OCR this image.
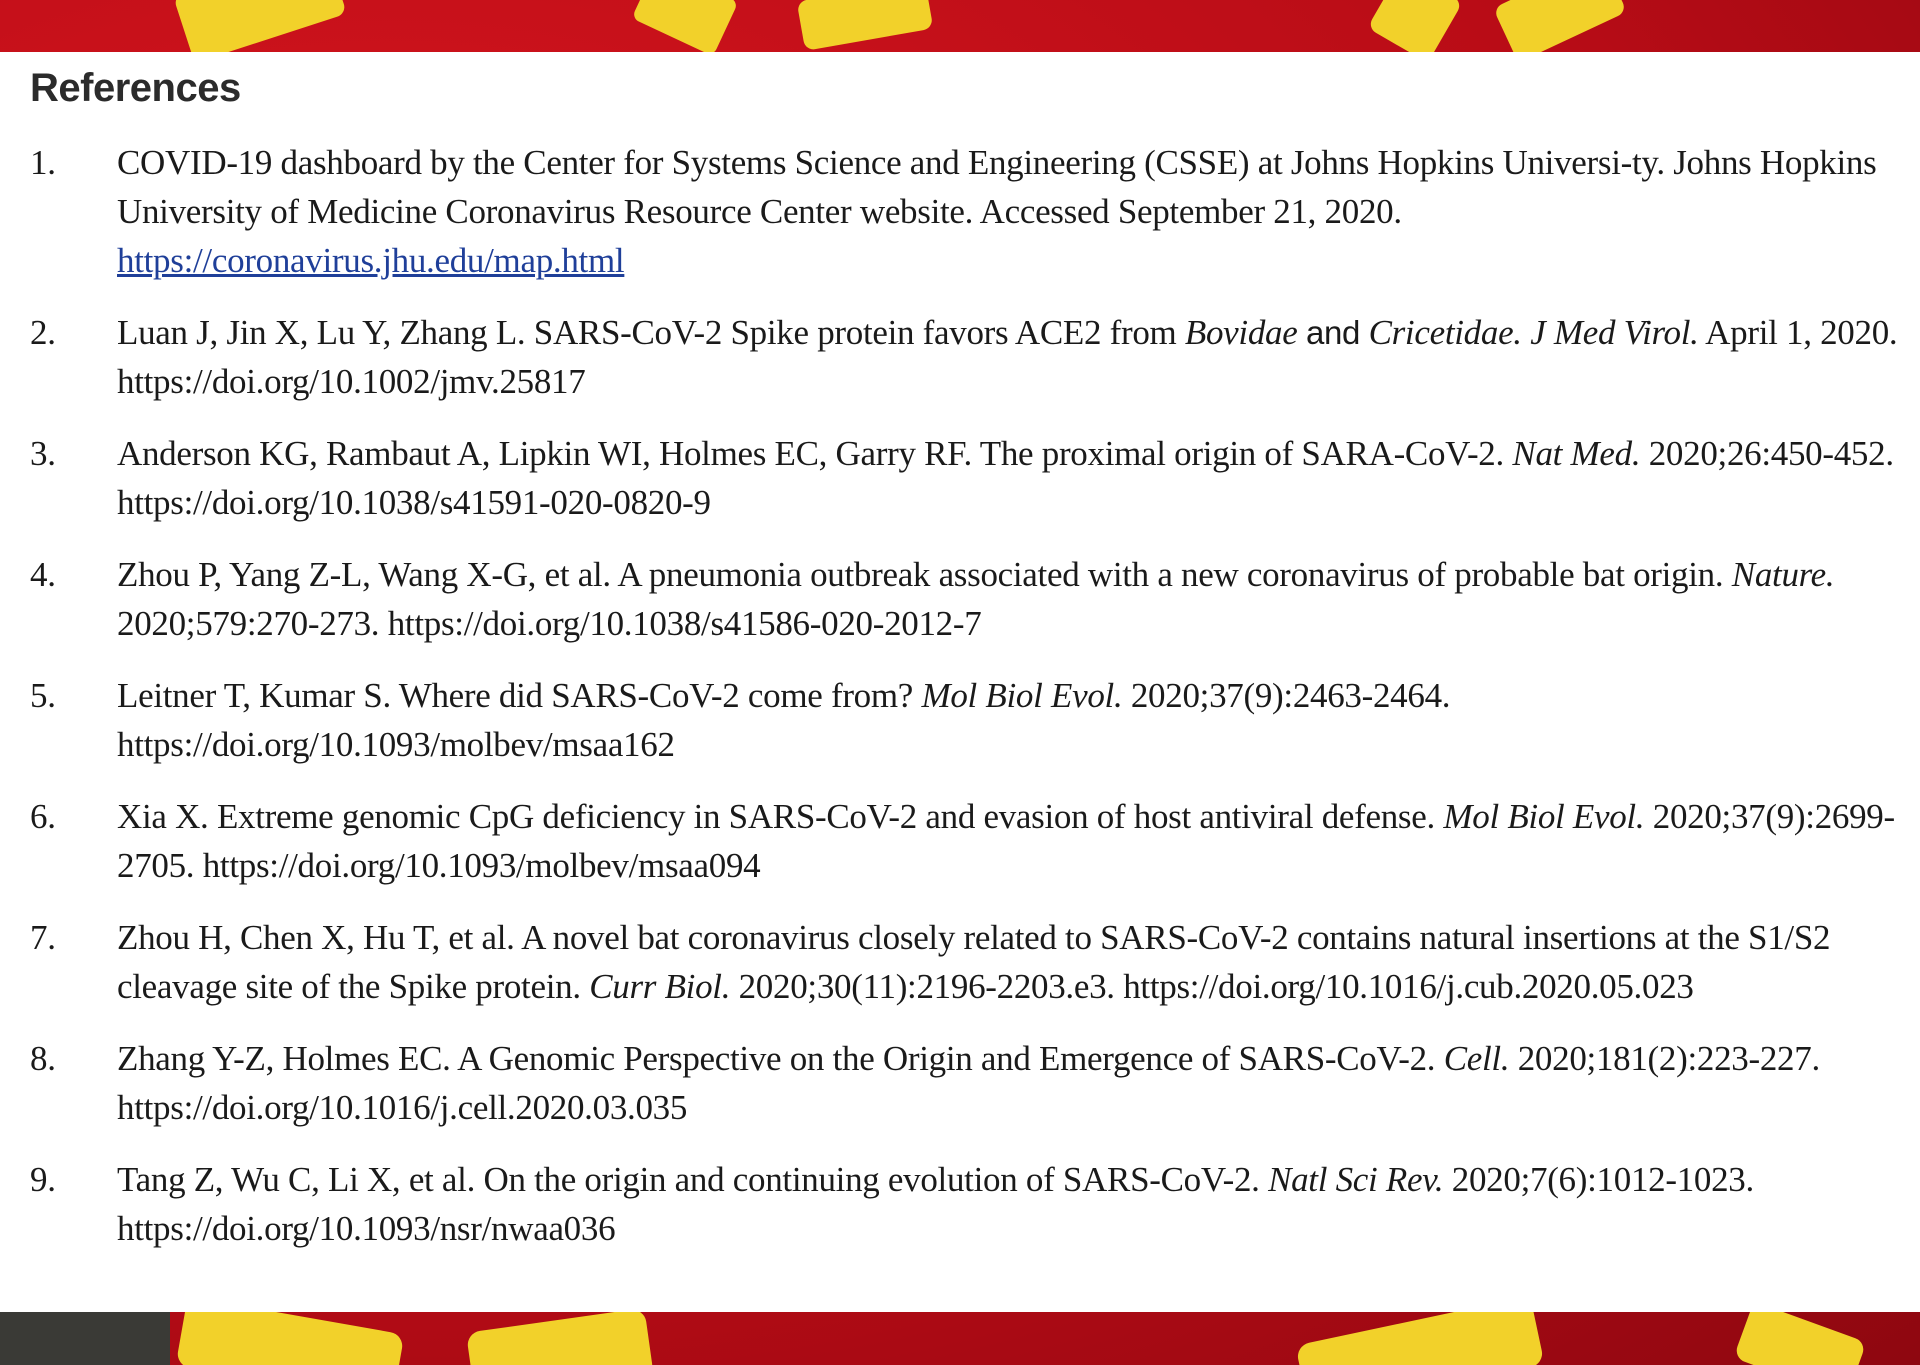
References
1. COVID-19 dashboard by the Center for Systems Science and Engineering (CSSE) at Johns Hopkins Universi-ty. Johns Hopkins University of Medicine Coronavirus Resource Center website. Accessed September 21, 2020.
https://coronavirus.jhu.edu/map.html
2. Luan J, Jin X, Lu Y, Zhang L. SARS-CoV-2 Spike protein favors ACE2 from Bovidae and Cricetidae. J Med Virol. April 1, 2020. https://doi.org/10.1002/jmv.25817
3. Anderson KG, Rambaut A, Lipkin WI, Holmes EC, Garry RF. The proximal origin of SARA-CoV-2. Nat Med. 2020;26:450-452. https://doi.org/10.1038/s41591-020-0820-9
4. Zhou P, Yang Z-L, Wang X-G, et al. A pneumonia outbreak associated with a new coronavirus of probable bat origin. Nature. 2020;579:270-273. https://doi.org/10.1038/s41586-020-2012-7
5. Leitner T, Kumar S. Where did SARS-CoV-2 come from? Mol Biol Evol. 2020;37(9):2463-2464. https://doi.org/10.1093/molbev/msaa162
6. Xia X. Extreme genomic CpG deficiency in SARS-CoV-2 and evasion of host antiviral defense. Mol Biol Evol. 2020;37(9):2699-2705. https://doi.org/10.1093/molbev/msaa094
7. Zhou H, Chen X, Hu T, et al. A novel bat coronavirus closely related to SARS-CoV-2 contains natural insertions at the S1/S2 cleavage site of the Spike protein. Curr Biol. 2020;30(11):2196-2203.e3. https://doi.org/10.1016/j.cub.2020.05.023
8. Zhang Y-Z, Holmes EC. A Genomic Perspective on the Origin and Emergence of SARS-CoV-2. Cell. 2020;181(2):223-227. https://doi.org/10.1016/j.cell.2020.03.035
9. Tang Z, Wu C, Li X, et al. On the origin and continuing evolution of SARS-CoV-2. Natl Sci Rev. 2020;7(6):1012-1023. https://doi.org/10.1093/nsr/nwaa036
